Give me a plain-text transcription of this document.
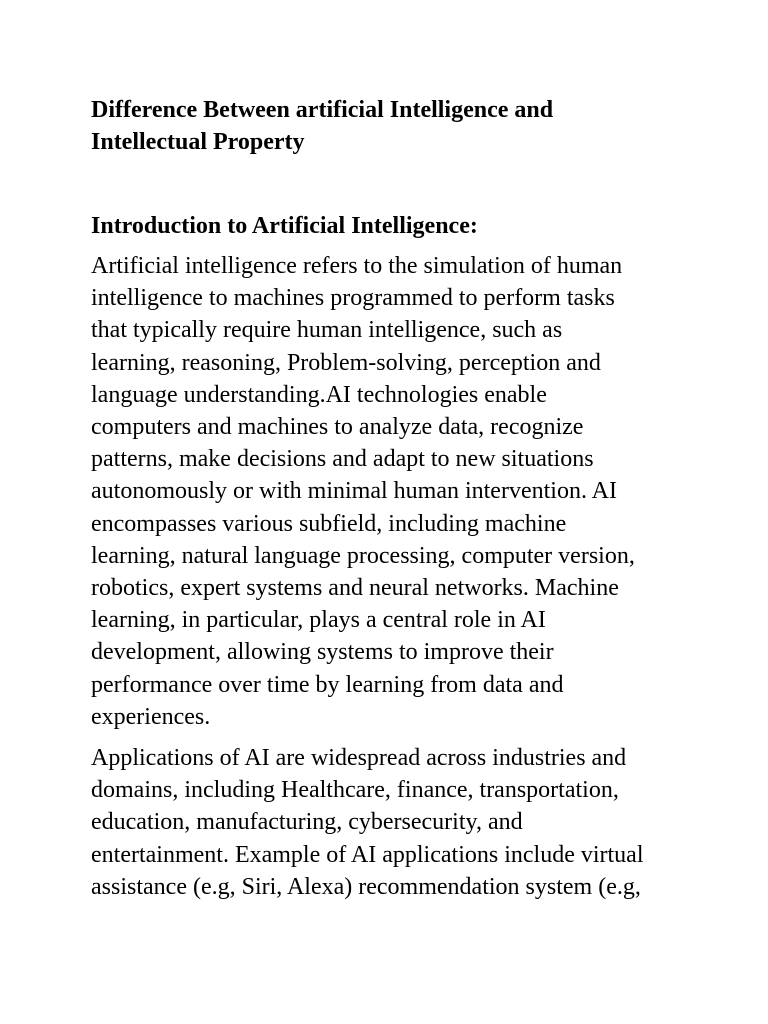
Difference Between artificial Intelligence and
Intellectual Property
Introduction to Artificial Intelligence:

Artificial intelligence refers to the simulation of human
intelligence to machines programmed to perform tasks
that typically require human intelligence, such as
learning, reasoning, Problem-solving, perception and
language understanding.AI technologies enable
computers and machines to analyze data, recognize
patterns, make decisions and adapt to new situations
autonomously or with minimal human intervention. AI
encompasses various subfield, including machine
learning, natural language processing, computer version,
robotics, expert systems and neural networks. Machine
learning, in particular, plays a central role in AI
development, allowing systems to improve their
performance over time by learning from data and
experiences.

Applications of AI are widespread across industries and
domains, including Healthcare, finance, transportation,
education, manufacturing, cybersecurity, and
entertainment. Example of AI applications include virtual
assistance (e.g, Siri, Alexa) recommendation system (e.g,
